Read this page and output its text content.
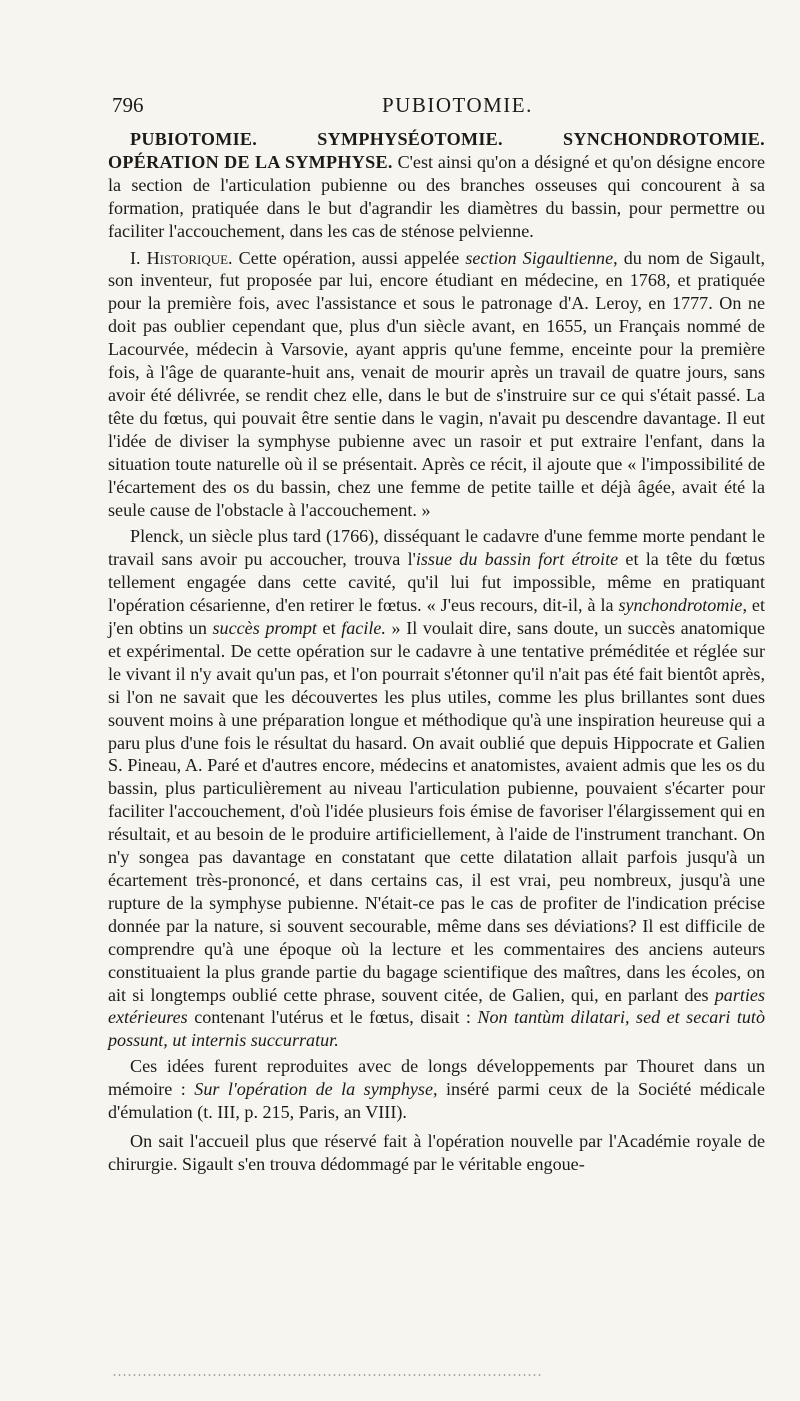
796	PUBIOTOMIE.

PUBIOTOMIE. SYMPHYSÉOTOMIE. SYNCHONDROTOMIE. OPÉRATION DE LA SYMPHYSE. C'est ainsi qu'on a désigné et qu'on désigne encore la section de l'articulation pubienne ou des branches osseuses qui concourent à sa formation, pratiquée dans le but d'agrandir les diamètres du bassin, pour permettre ou faciliter l'accouchement, dans les cas de sténose pelvienne.

I. Historique. Cette opération, aussi appelée section Sigaultienne, du nom de Sigault, son inventeur, fut proposée par lui, encore étudiant en médecine, en 1768, et pratiquée pour la première fois, avec l'assistance et sous le patronage d'A. Leroy, en 1777. On ne doit pas oublier cependant que, plus d'un siècle avant, en 1655, un Français nommé de Lacourvée, médecin à Varsovie, ayant appris qu'une femme, enceinte pour la première fois, à l'âge de quarante-huit ans, venait de mourir après un travail de quatre jours, sans avoir été délivrée, se rendit chez elle, dans le but de s'instruire sur ce qui s'était passé. La tête du fœtus, qui pouvait être sentie dans le vagin, n'avait pu descendre davantage. Il eut l'idée de diviser la symphyse pubienne avec un rasoir et put extraire l'enfant, dans la situation toute naturelle où il se présentait. Après ce récit, il ajoute que « l'impossibilité de l'écartement des os du bassin, chez une femme de petite taille et déjà âgée, avait été la seule cause de l'obstacle à l'accouchement. »

Plenck, un siècle plus tard (1766), disséquant le cadavre d'une femme morte pendant le travail sans avoir pu accoucher, trouva l'issue du bassin fort étroite et la tête du fœtus tellement engagée dans cette cavité, qu'il lui fut impossible, même en pratiquant l'opération césarienne, d'en retirer le fœtus. « J'eus recours, dit-il, à la synchondrotomie, et j'en obtins un succès prompt et facile. » Il voulait dire, sans doute, un succès anatomique et expérimental. De cette opération sur le cadavre à une tentative préméditée et réglée sur le vivant il n'y avait qu'un pas, et l'on pourrait s'étonner qu'il n'ait pas été fait bientôt après, si l'on ne savait que les découvertes les plus utiles, comme les plus brillantes sont dues souvent moins à une préparation longue et méthodique qu'à une inspiration heureuse qui a paru plus d'une fois le résultat du hasard. On avait oublié que depuis Hippocrate et Galien S. Pineau, A. Paré et d'autres encore, médecins et anatomistes, avaient admis que les os du bassin, plus particulièrement au niveau l'articulation pubienne, pouvaient s'écarter pour faciliter l'accouchement, d'où l'idée plusieurs fois émise de favoriser l'élargissement qui en résultait, et au besoin de le produire artificiellement, à l'aide de l'instrument tranchant. On n'y songea pas davantage en constatant que cette dilatation allait parfois jusqu'à un écartement très-prononcé, et dans certains cas, il est vrai, peu nombreux, jusqu'à une rupture de la symphyse pubienne. N'était-ce pas le cas de profiter de l'indication précise donnée par la nature, si souvent secourable, même dans ses déviations? Il est difficile de comprendre qu'à une époque où la lecture et les commentaires des anciens auteurs constituaient la plus grande partie du bagage scientifique des maîtres, dans les écoles, on ait si longtemps oublié cette phrase, souvent citée, de Galien, qui, en parlant des parties extérieures contenant l'utérus et le fœtus, disait : Non tantùm dilatari, sed et secari tutò possunt, ut internis succurratur.

Ces idées furent reproduites avec de longs développements par Thouret dans un mémoire : Sur l'opération de la symphyse, inséré parmi ceux de la Société médicale d'émulation (t. III, p. 215, Paris, an VIII).

On sait l'accueil plus que réservé fait à l'opération nouvelle par l'Académie royale de chirurgie. Sigault s'en trouva dédommagé par le véritable engoue-
